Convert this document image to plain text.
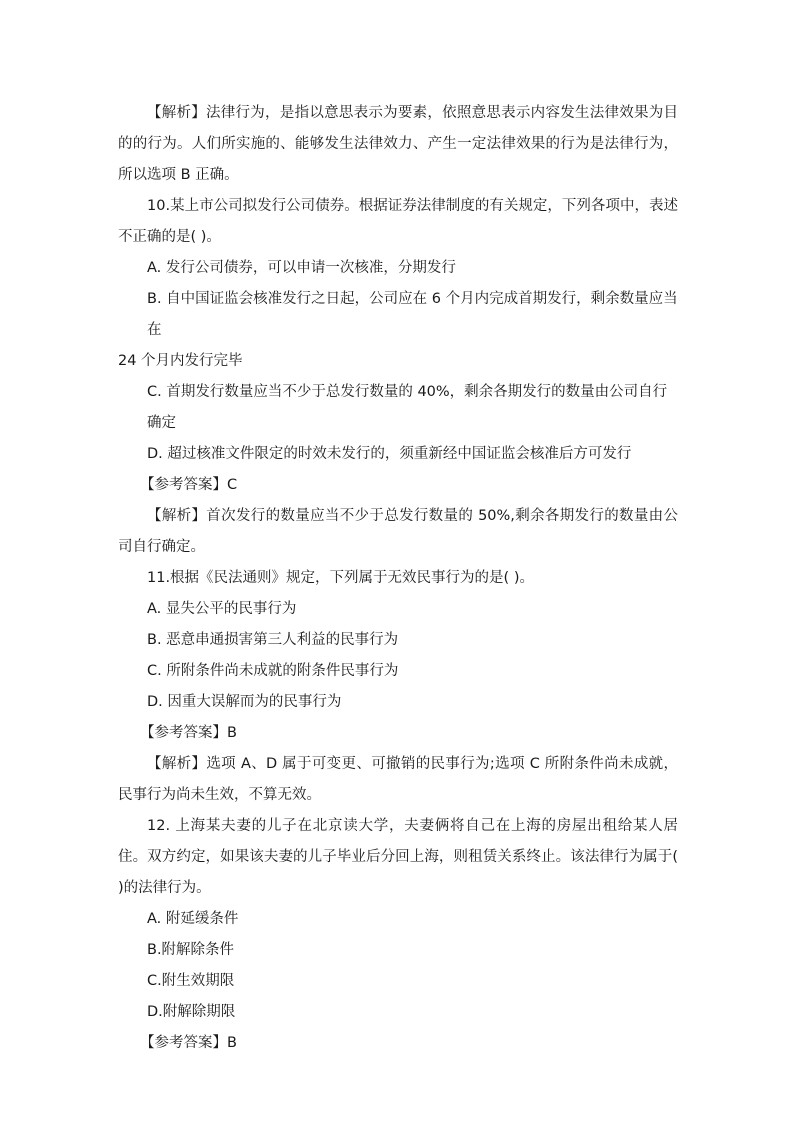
【解析】法律行为，是指以意思表示为要素，依照意思表示内容发生法律效果为目的的行为。人们所实施的、能够发生法律效力、产生一定法律效果的行为是法律行为，所以选项 B 正确。

10.某上市公司拟发行公司债券。根据证券法律制度的有关规定，下列各项中，表述不正确的是( )。

A. 发行公司债券，可以申请一次核准，分期发行

B. 自中国证监会核准发行之日起，公司应在 6 个月内完成首期发行，剩余数量应当在

24 个月内发行完毕

C. 首期发行数量应当不少于总发行数量的 40%，剩余各期发行的数量由公司自行确定

D. 超过核准文件限定的时效未发行的，须重新经中国证监会核准后方可发行

【参考答案】C

【解析】首次发行的数量应当不少于总发行数量的 50%,剩余各期发行的数量由公司自行确定。

11.根据《民法通则》规定，下列属于无效民事行为的是( )。

A. 显失公平的民事行为

B. 恶意串通损害第三人利益的民事行为

C. 所附条件尚未成就的附条件民事行为

D. 因重大误解而为的民事行为

【参考答案】B

【解析】选项 A、D 属于可变更、可撤销的民事行为;选项 C 所附条件尚未成就， 民事行为尚未生效，不算无效。

12. 上海某夫妻的儿子在北京读大学，夫妻俩将自己在上海的房屋出租给某人居 住。双方约定，如果该夫妻的儿子毕业后分回上海，则租赁关系终止。该法律行为属于( )的法律行为。

A. 附延缓条件

B.附解除条件

C.附生效期限

D.附解除期限

【参考答案】B
